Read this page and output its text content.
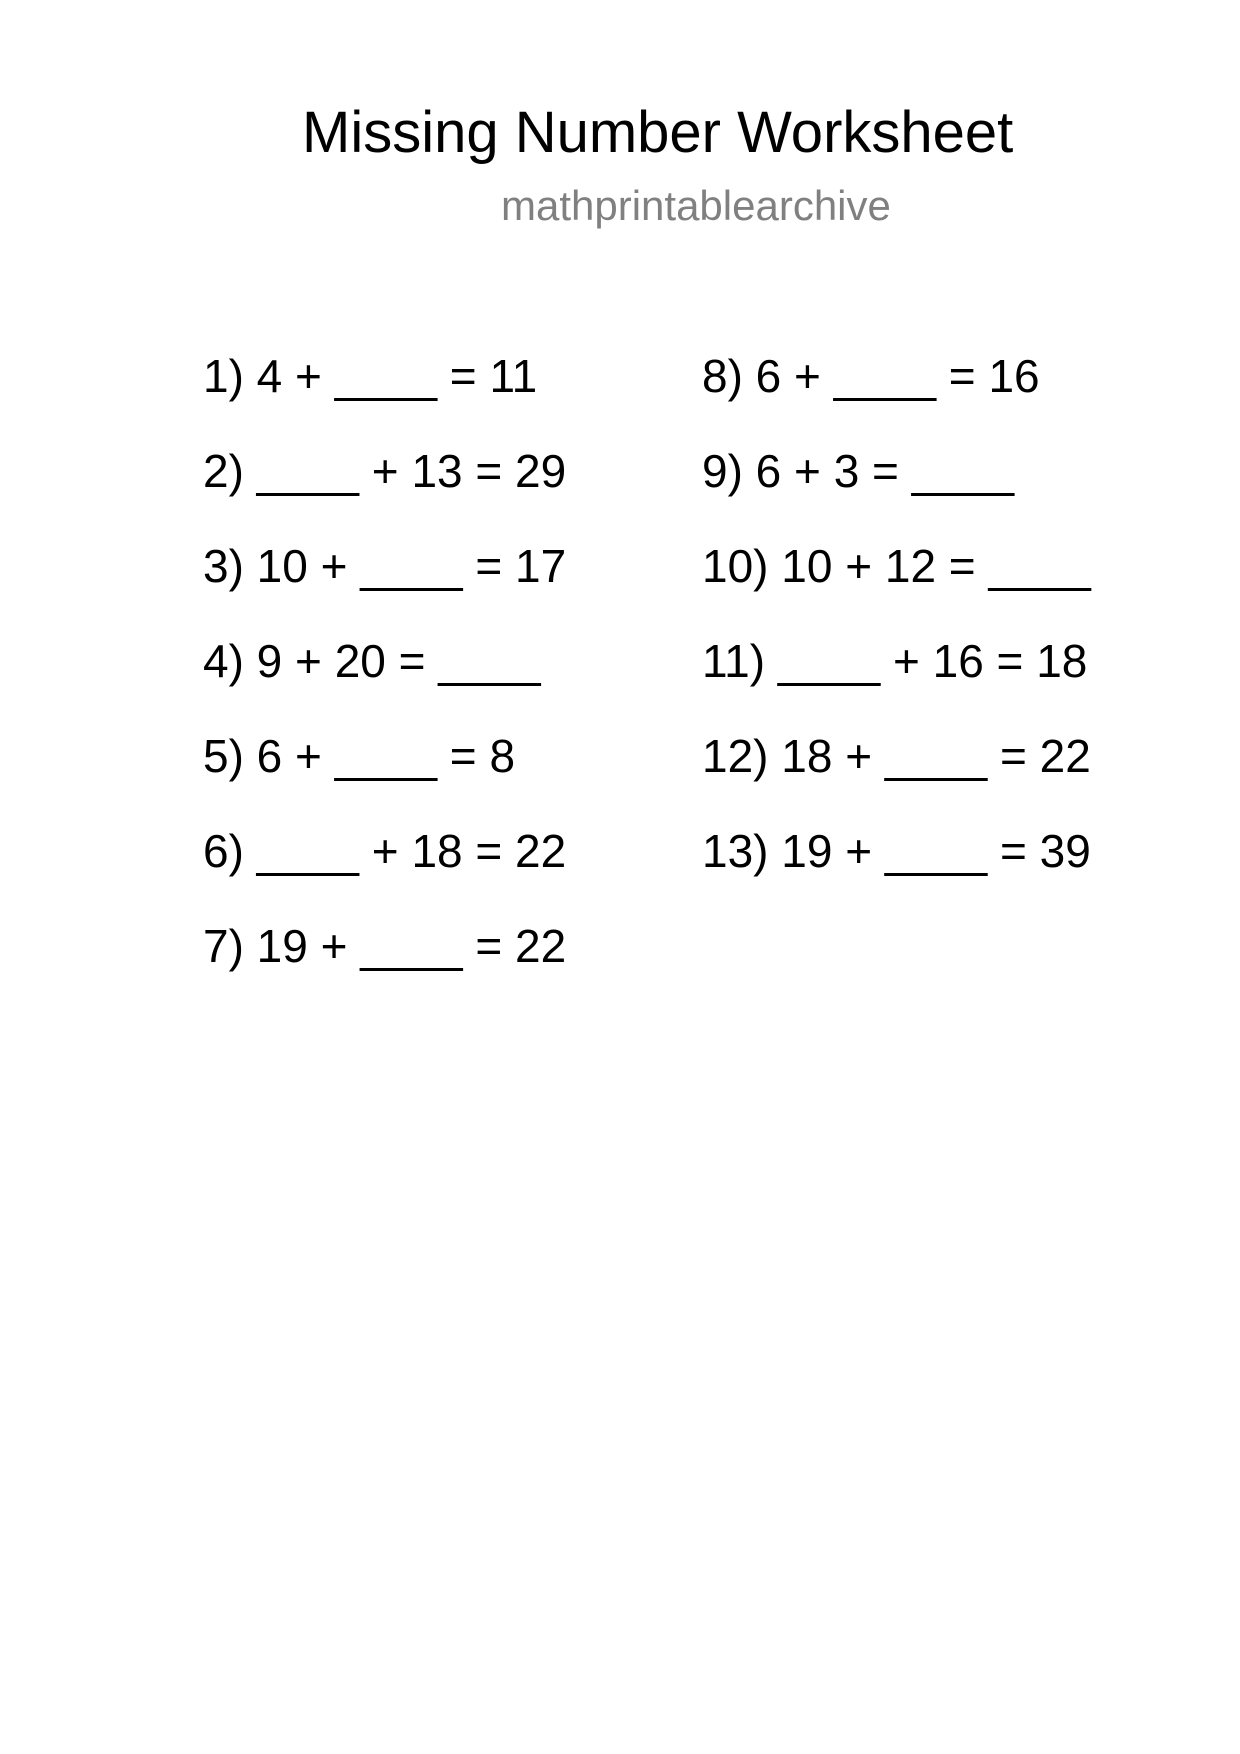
Missing Number Worksheet
mathprintablearchive
1) 4 + ____ = 11
2) ____ + 13 = 29
3) 10 + ____ = 17
4) 9 + 20 = ____
5) 6 + ____ = 8
6) ____ + 18 = 22
7) 19 + ____ = 22
8) 6 + ____ = 16
9) 6 + 3 = ____
10) 10 + 12 = ____
11) ____ + 16 = 18
12) 18 + ____ = 22
13) 19 + ____ = 39
